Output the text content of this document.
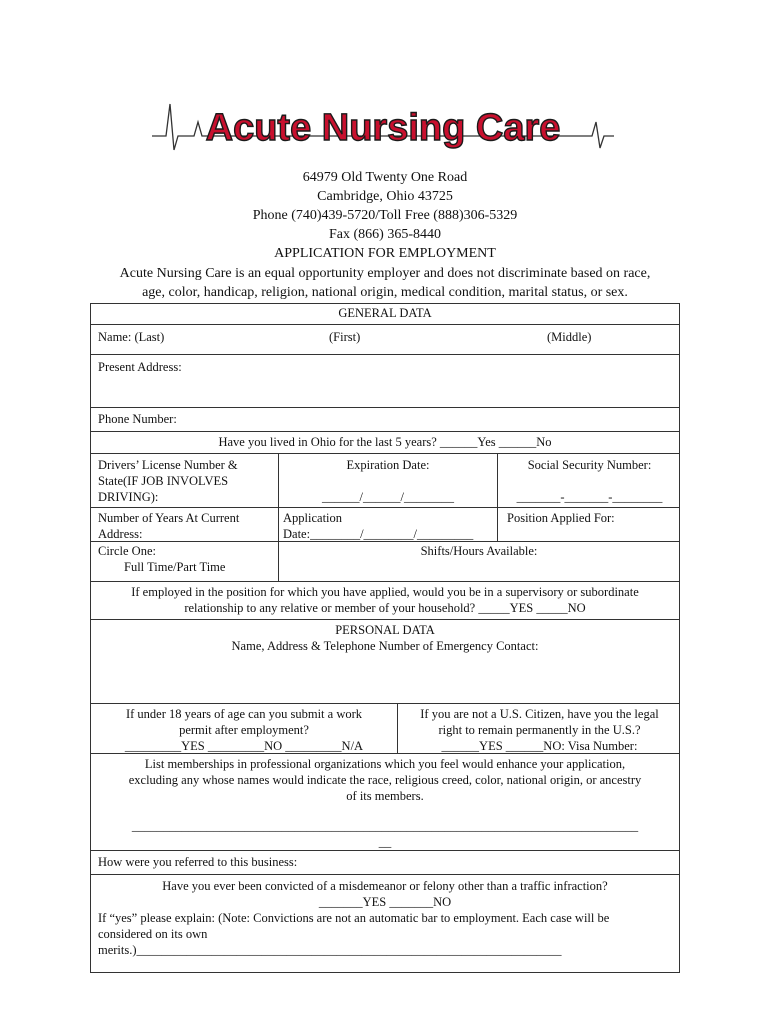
Acute Nursing Care
64979 Old Twenty One Road
Cambridge, Ohio 43725
Phone (740)439-5720/Toll Free (888)306-5329
Fax (866) 365-8440
APPLICATION FOR EMPLOYMENT
Acute Nursing Care is an equal opportunity employer and does not discriminate based on race,
age, color, handicap, religion, national origin, medical condition, marital status, or sex.
GENERAL DATA
Name: (Last)	(First)	(Middle)
Present Address:
Phone Number:
Have you lived in Ohio for the last 5 years? ______Yes ______No
Drivers’ License Number &
State(IF JOB INVOLVES
DRIVING):
Expiration Date:
______/______/________
Social Security Number:
_______-_______-________
Number of Years At Current
Address:
Application
Date:________/________/_________
Position Applied For:
Circle One:
Full Time/Part Time
Shifts/Hours Available:
If employed in the position for which you have applied, would you be in a supervisory or subordinate
relationship to any relative or member of your household? _____YES _____NO
PERSONAL DATA
Name, Address & Telephone Number of Emergency Contact:
If under 18 years of age can you submit a work
permit after employment?
_________YES _________NO _________N/A
If you are not a U.S. Citizen, have you the legal
right to remain permanently in the U.S.?
______YES ______NO: Visa Number:
List memberships in professional organizations which you feel would enhance your application,
excluding any whose names would indicate the race, religious creed, color, national origin, or ancestry
of its members.
_________________________________________________________________________________
__
How were you referred to this business:
Have you ever been convicted of a misdemeanor or felony other than a traffic infraction?
_______YES _______NO
If “yes” please explain: (Note: Convictions are not an automatic bar to employment. Each case will be
considered on its own
merits.)____________________________________________________________________
